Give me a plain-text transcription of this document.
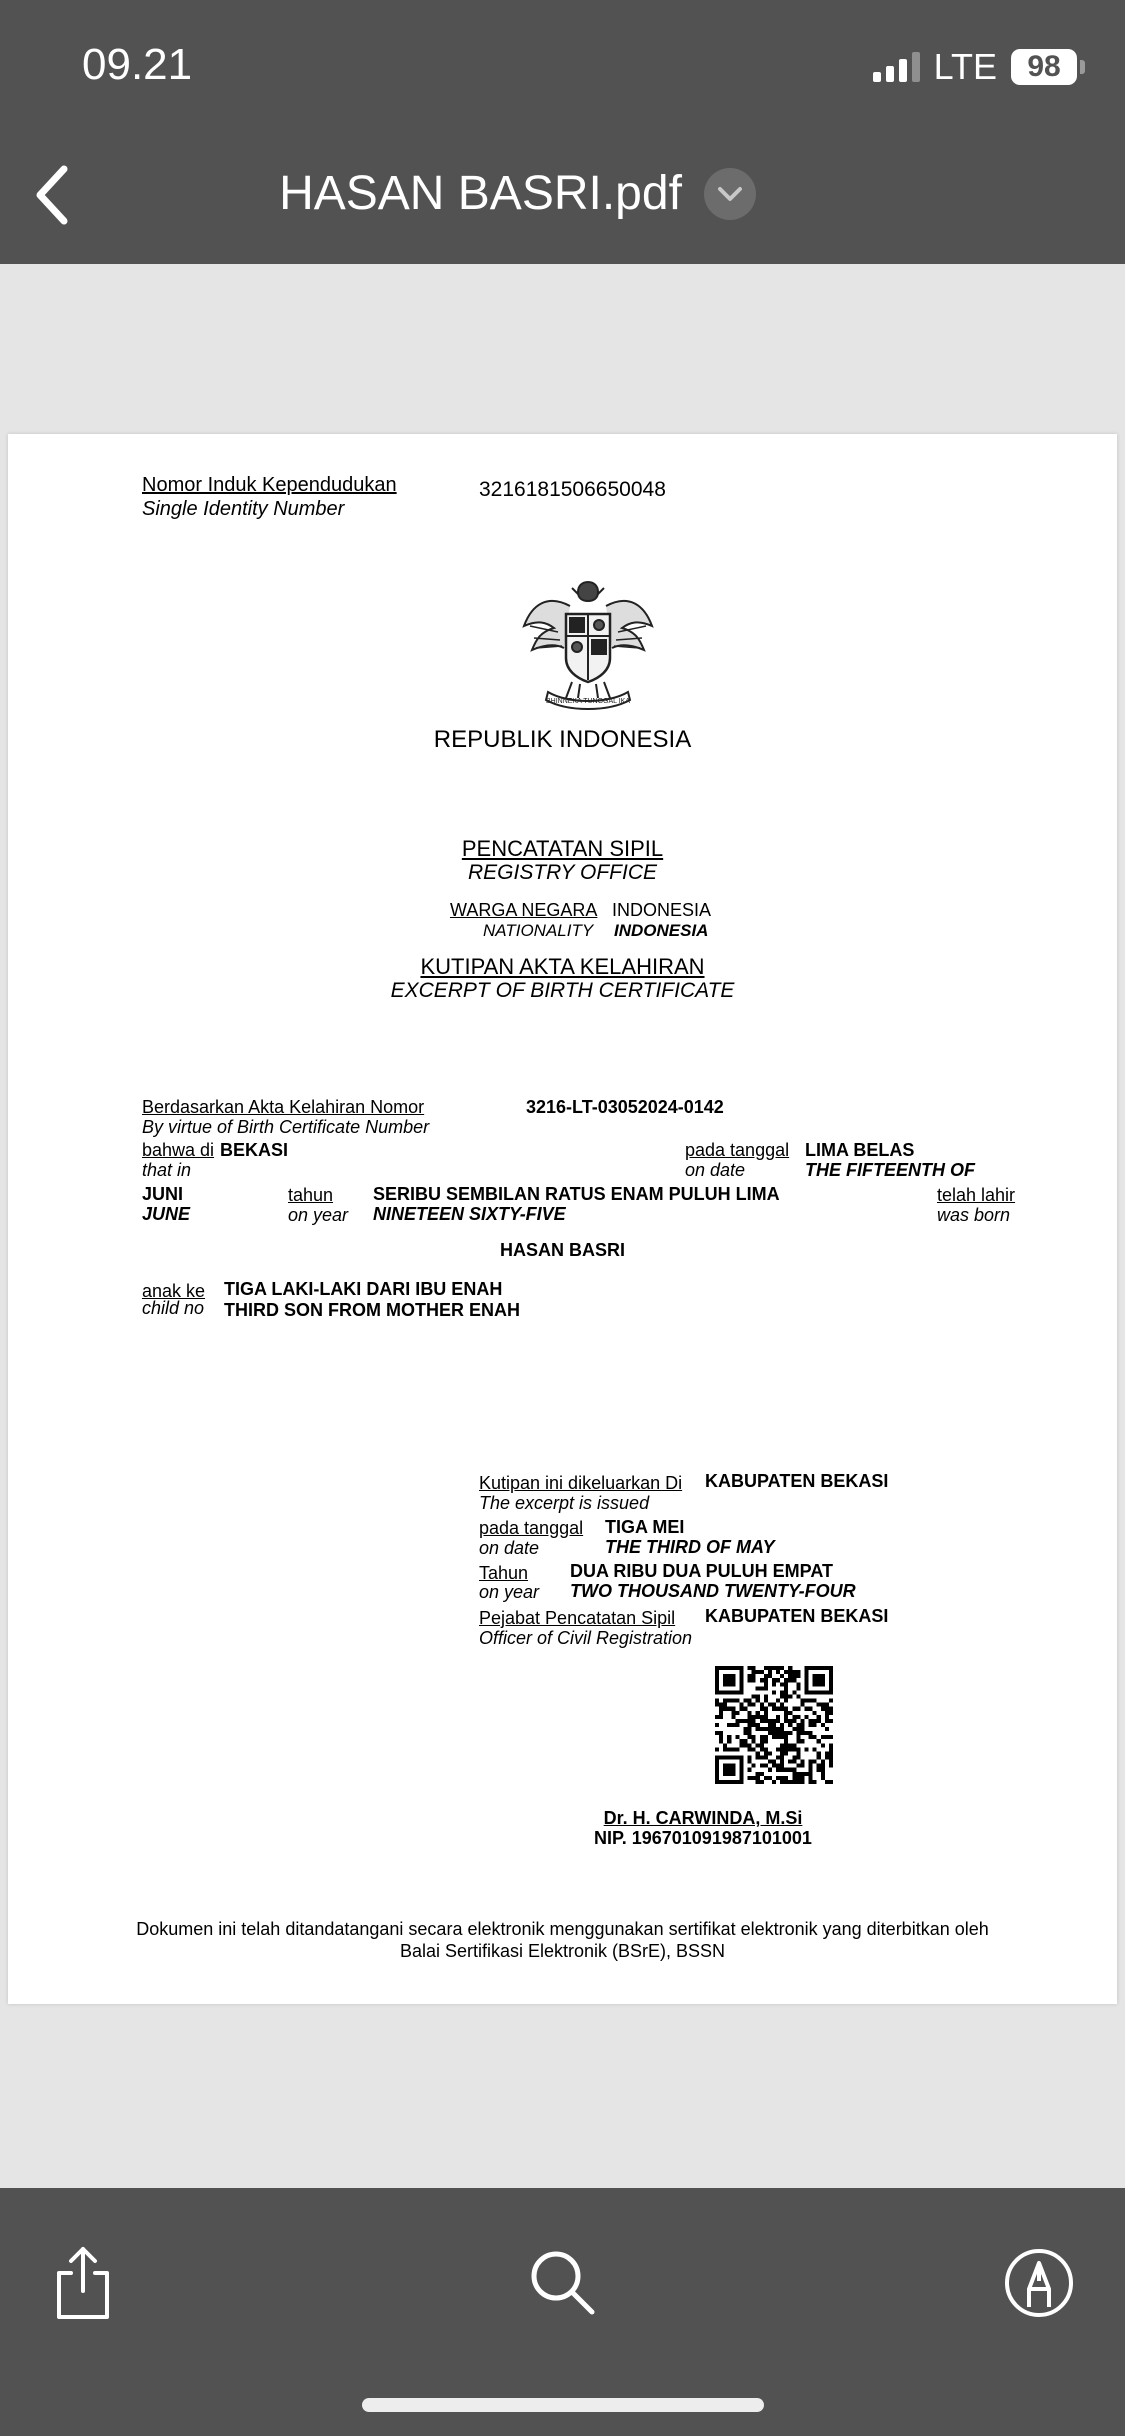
09.21	LTE 98
HASAN BASRI.pdf
Nomor Induk Kependudukan
Single Identity Number
3216181506650048
BHINNEKA TUNGGAL IKA
REPUBLIK INDONESIA
PENCATATAN SIPIL
REGISTRY OFFICE
WARGA NEGARA INDONESIA
NATIONALITY INDONESIA
KUTIPAN AKTA KELAHIRAN
EXCERPT OF BIRTH CERTIFICATE
Berdasarkan Akta Kelahiran Nomor
By virtue of Birth Certificate Number
3216-LT-03052024-0142
bahwa di BEKASI
that in
pada tanggal
on date
LIMA BELAS
THE FIFTEENTH OF
JUNI
JUNE
tahun
on year
SERIBU SEMBILAN RATUS ENAM PULUH LIMA
NINETEEN SIXTY-FIVE
telah lahir
was born
HASAN BASRI
anak ke
child no
TIGA LAKI-LAKI DARI IBU ENAH
THIRD SON FROM MOTHER ENAH
Kutipan ini dikeluarkan Di
The excerpt is issued
KABUPATEN BEKASI
pada tanggal
on date
TIGA MEI
THE THIRD OF MAY
Tahun
on year
DUA RIBU DUA PULUH EMPAT
TWO THOUSAND TWENTY-FOUR
Pejabat Pencatatan Sipil
Officer of Civil Registration
KABUPATEN BEKASI
Dr. H. CARWINDA, M.Si
NIP. 196701091987101001
Dokumen ini telah ditandatangani secara elektronik menggunakan sertifikat elektronik yang diterbitkan oleh
Balai Sertifikasi Elektronik (BSrE), BSSN
